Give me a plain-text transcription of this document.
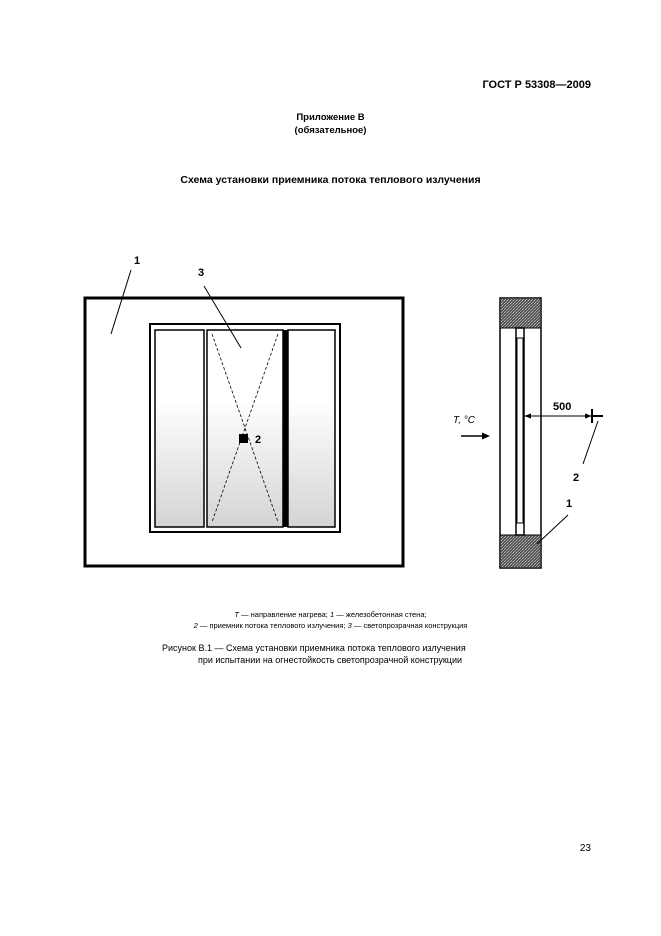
ГОСТ Р 53308—2009
Приложение В
(обязательное)
Схема установки приемника потока теплового излучения
2
1
3
500
2
1
T, °C
T — направление нагрева; 1 — железобетонная стена;
2 — приемник потока теплового излучения; 3 — светопрозрачная конструкция
Рисунок В.1 — Схема установки приемника потока теплового излучения
при испытании на огнестойкость светопрозрачной конструкции
23
